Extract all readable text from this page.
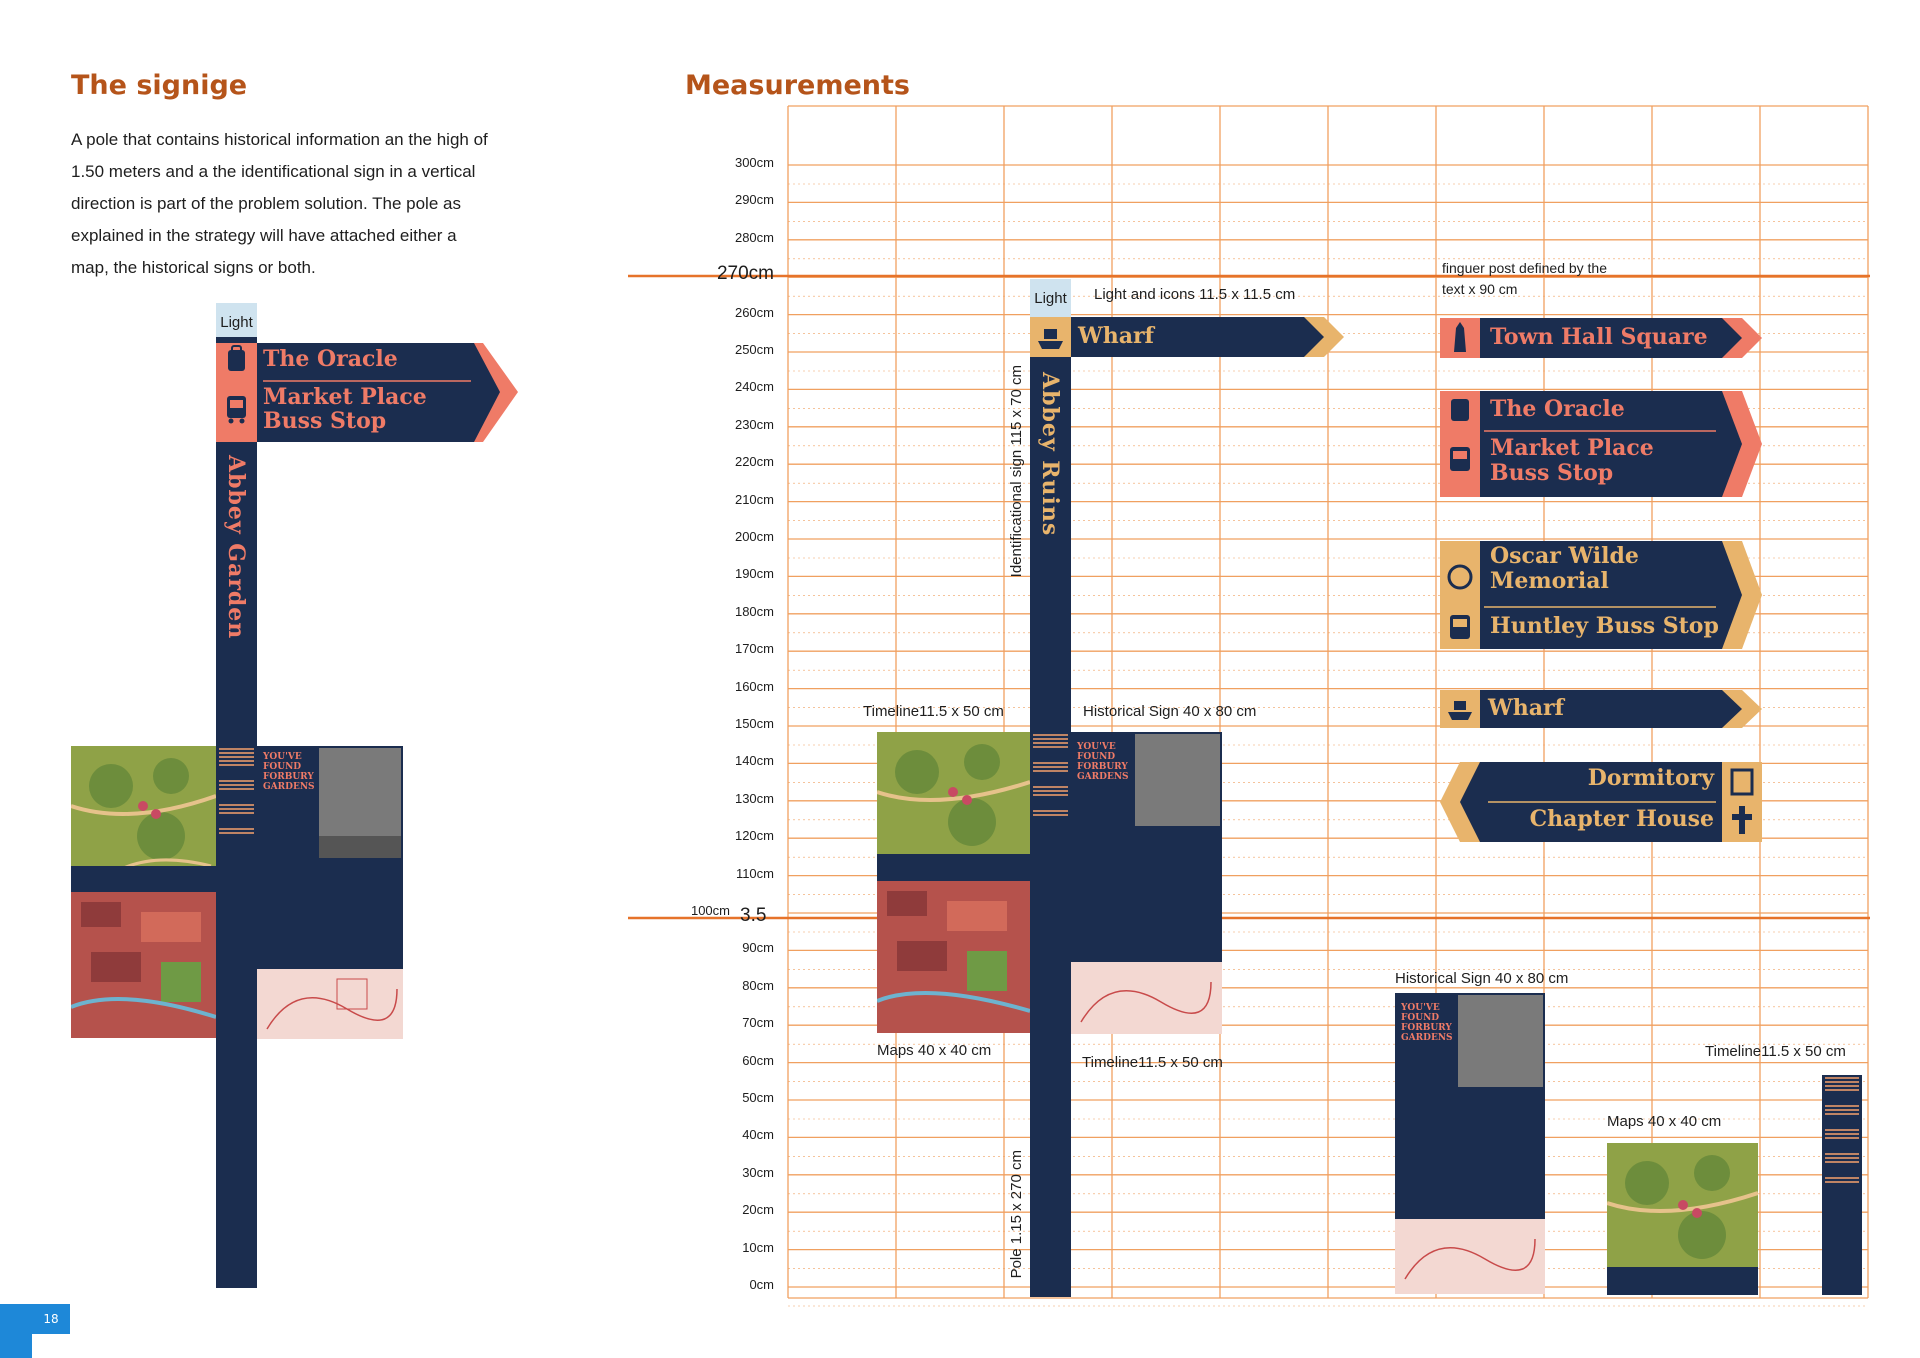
The signige
A pole that contains historical information an the high of 1.50 meters and a the identificational sign in a vertical direction is part of the problem solution. The pole as explained in the strategy will have attached either a map, the historical signs or both.
Light
Abbey Garden
The Oracle
Market Place
Buss Stop
YOU'VE FOUND FORBURY GARDENS
18
Measurements
300cm
290cm
280cm
270cm
260cm
250cm
240cm
230cm
220cm
210cm
200cm
190cm
180cm
170cm
160cm
150cm
140cm
130cm
120cm
110cm
100cm
90cm
80cm
70cm
60cm
50cm
40cm
30cm
20cm
10cm
0cm
3.5
Light
Abbey Ruins
Light and icons 11.5 x 11.5 cm
Identificational sign 115 x 70 cm
Pole 1.15 x 270 cm
Wharf
finguer post defined by the
text x 90 cm
Town Hall Square
The Oracle
Market Place
Buss Stop
Oscar Wilde
Memorial
Huntley Buss Stop
Wharf
Dormitory
Chapter House
Timeline11.5 x 50 cm	Historical Sign 40 x 80 cm
Maps 40 x 40 cm
YOU'VE FOUND FORBURY GARDENS
Timeline11.5 x 50 cm
Historical Sign 40 x 80 cm
YOU'VE FOUND FORBURY GARDENS
Maps 40 x 40 cm
Timeline11.5 x 50 cm
